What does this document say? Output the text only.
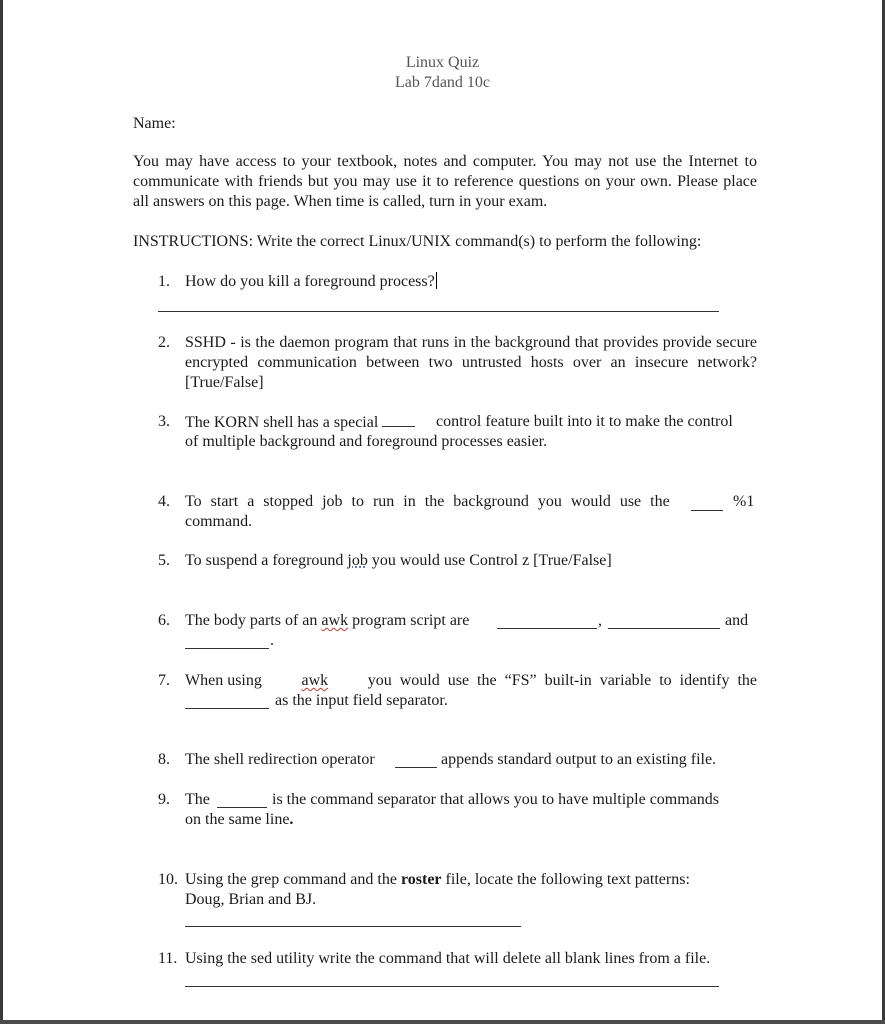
Linux Quiz
Lab 7dand 10c
Name:
You may have access to your textbook, notes and computer. You may not use the Internet to communicate with friends but you may use it to reference questions on your own. Please place all answers on this page. When time is called, turn in your exam.
INSTRUCTIONS: Write the correct Linux/UNIX command(s) to perform the following:
1. How do you kill a foreground process?
2. SSHD - is the daemon program that runs in the background that provides provide secure encrypted communication between two untrusted hosts over an insecure network? [True/False]
3. The KORN shell has a special	control feature built into it to make the control
of multiple background and foreground processes easier.
4. To start a stopped job to run in the background you would use the	%1
command.
5. To suspend a foreground job you would use Control z [True/False]
6. The body parts of an awk program script are	,	and
.
7. When using awk you would use the “FS” built-in variable to identify the
as the input field separator.
8. The shell redirection operator	appends standard output to an existing file.
9. The	is the command separator that allows you to have multiple commands
on the same line.
10. Using the grep command and the roster file, locate the following text patterns:
Doug, Brian and BJ.
11. Using the sed utility write the command that will delete all blank lines from a file.
